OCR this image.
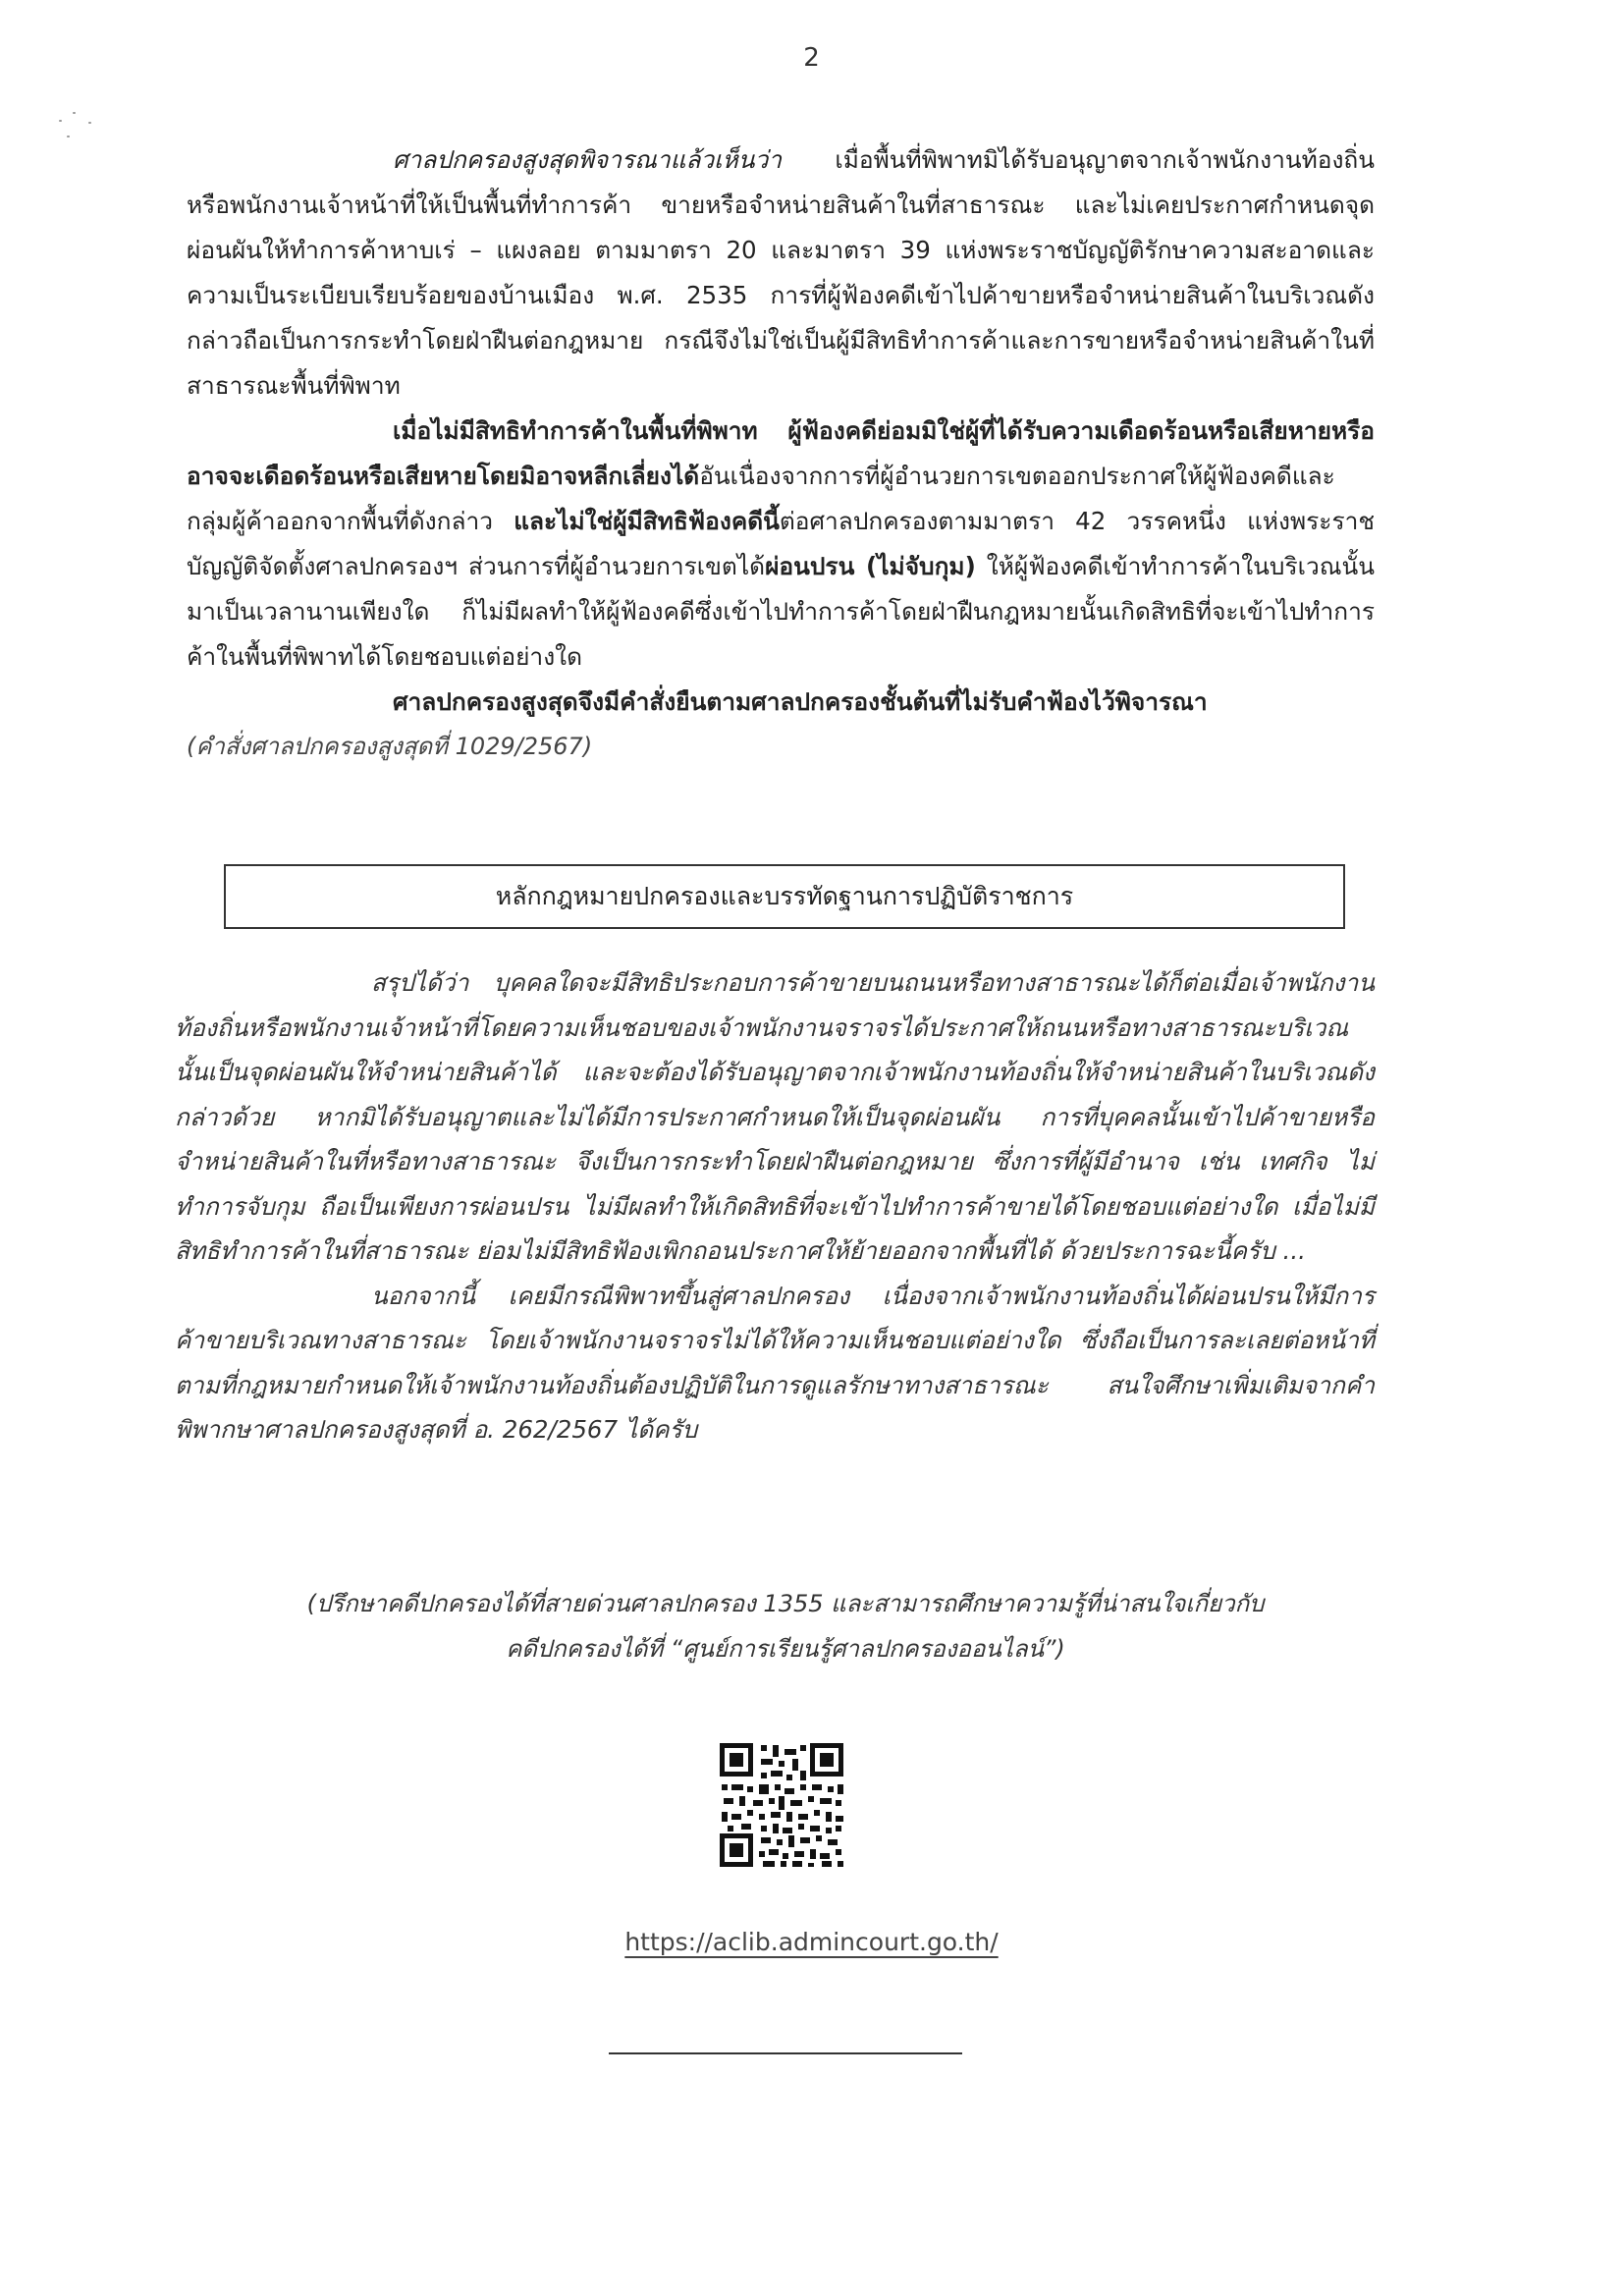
2

ศาลปกครองสูงสุดพิจารณาแล้วเห็นว่า เมื่อพื้นที่พิพาทมิได้รับอนุญาตจากเจ้าพนักงานท้องถิ่น หรือพนักงานเจ้าหน้าที่ให้เป็นพื้นที่ทำการค้า ขายหรือจำหน่ายสินค้าในที่สาธารณะ และไม่เคยประกาศกำหนดจุดผ่อนผันให้ทำการค้าหาบเร่ – แผงลอย ตามมาตรา 20 และมาตรา 39 แห่งพระราชบัญญัติรักษาความสะอาดและความเป็นระเบียบเรียบร้อยของบ้านเมือง พ.ศ. 2535 การที่ผู้ฟ้องคดีเข้าไปค้าขายหรือจำหน่ายสินค้าในบริเวณดังกล่าวถือเป็นการกระทำโดยฝ่าฝืนต่อกฎหมาย กรณีจึงไม่ใช่เป็นผู้มีสิทธิทำการค้าและการขายหรือจำหน่ายสินค้าในที่สาธารณะพื้นที่พิพาท

เมื่อไม่มีสิทธิทำการค้าในพื้นที่พิพาท ผู้ฟ้องคดีย่อมมิใช่ผู้ที่ได้รับความเดือดร้อนหรือเสียหายหรืออาจจะเดือดร้อนหรือเสียหายโดยมิอาจหลีกเลี่ยงได้อันเนื่องจากการที่ผู้อำนวยการเขตออกประกาศให้ผู้ฟ้องคดีและกลุ่มผู้ค้าออกจากพื้นที่ดังกล่าว และไม่ใช่ผู้มีสิทธิฟ้องคดีนี้ต่อศาลปกครองตามมาตรา 42 วรรคหนึ่ง แห่งพระราชบัญญัติจัดตั้งศาลปกครองฯ ส่วนการที่ผู้อำนวยการเขตได้ผ่อนปรน (ไม่จับกุม) ให้ผู้ฟ้องคดีเข้าทำการค้าในบริเวณนั้นมาเป็นเวลานานเพียงใด ก็ไม่มีผลทำให้ผู้ฟ้องคดีซึ่งเข้าไปทำการค้าโดยฝ่าฝืนกฎหมายนั้นเกิดสิทธิที่จะเข้าไปทำการค้าในพื้นที่พิพาทได้โดยชอบแต่อย่างใด

ศาลปกครองสูงสุดจึงมีคำสั่งยืนตามศาลปกครองชั้นต้นที่ไม่รับคำฟ้องไว้พิจารณา

(คำสั่งศาลปกครองสูงสุดที่ 1029/2567)

หลักกฎหมายปกครองและบรรทัดฐานการปฏิบัติราชการ

สรุปได้ว่า บุคคลใดจะมีสิทธิประกอบการค้าขายบนถนนหรือทางสาธารณะได้ก็ต่อเมื่อเจ้าพนักงานท้องถิ่นหรือพนักงานเจ้าหน้าที่โดยความเห็นชอบของเจ้าพนักงานจราจรได้ประกาศให้ถนนหรือทางสาธารณะบริเวณนั้นเป็นจุดผ่อนผันให้จำหน่ายสินค้าได้ และจะต้องได้รับอนุญาตจากเจ้าพนักงานท้องถิ่นให้จำหน่ายสินค้าในบริเวณดังกล่าวด้วย หากมิได้รับอนุญาตและไม่ได้มีการประกาศกำหนดให้เป็นจุดผ่อนผัน การที่บุคคลนั้นเข้าไปค้าขายหรือจำหน่ายสินค้าในที่หรือทางสาธารณะ จึงเป็นการกระทำโดยฝ่าฝืนต่อกฎหมาย ซึ่งการที่ผู้มีอำนาจ เช่น เทศกิจ ไม่ทำการจับกุม ถือเป็นเพียงการผ่อนปรน ไม่มีผลทำให้เกิดสิทธิที่จะเข้าไปทำการค้าขายได้โดยชอบแต่อย่างใด เมื่อไม่มีสิทธิทำการค้าในที่สาธารณะ ย่อมไม่มีสิทธิฟ้องเพิกถอนประกาศให้ย้ายออกจากพื้นที่ได้ ด้วยประการฉะนี้ครับ ...

นอกจากนี้ เคยมีกรณีพิพาทขึ้นสู่ศาลปกครอง เนื่องจากเจ้าพนักงานท้องถิ่นได้ผ่อนปรนให้มีการค้าขายบริเวณทางสาธารณะ โดยเจ้าพนักงานจราจรไม่ได้ให้ความเห็นชอบแต่อย่างใด ซึ่งถือเป็นการละเลยต่อหน้าที่ตามที่กฎหมายกำหนดให้เจ้าพนักงานท้องถิ่นต้องปฏิบัติในการดูแลรักษาทางสาธารณะ สนใจศึกษาเพิ่มเติมจากคำพิพากษาศาลปกครองสูงสุดที่ อ. 262/2567 ได้ครับ

(ปรึกษาคดีปกครองได้ที่สายด่วนศาลปกครอง 1355 และสามารถศึกษาความรู้ที่น่าสนใจเกี่ยวกับ
คดีปกครองได้ที่ “ศูนย์การเรียนรู้ศาลปกครองออนไลน์”)
https://aclib.admincourt.go.th/
